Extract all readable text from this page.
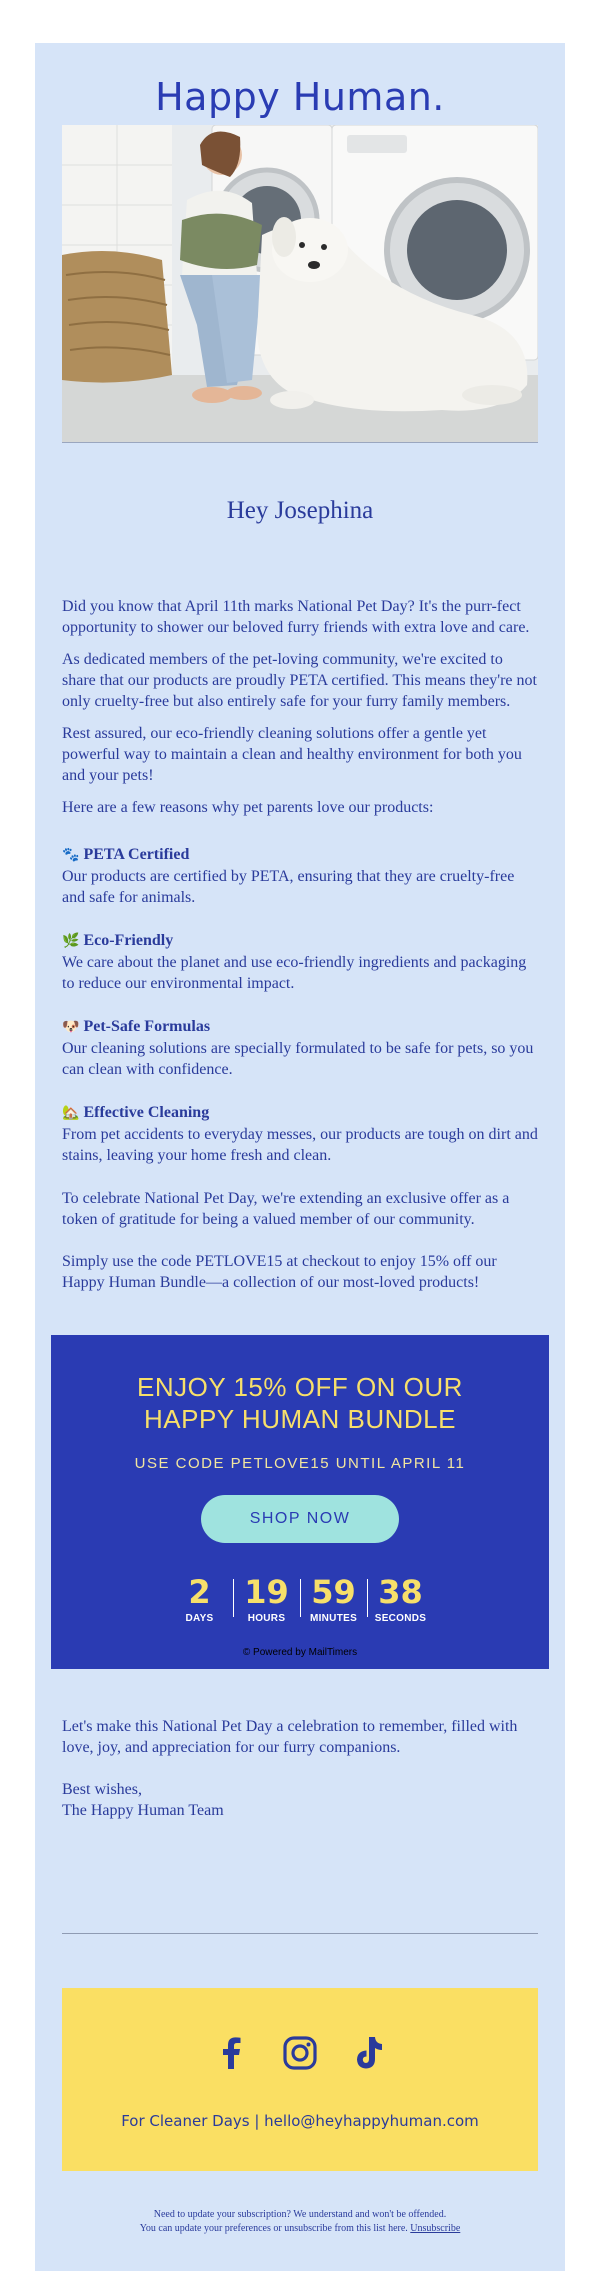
Happy Human.
Hey Josephina

Did you know that April 11th marks National Pet Day? It's the purr-fect opportunity to shower our beloved furry friends with extra love and care.

As dedicated members of the pet-loving community, we're excited to share that our products are proudly PETA certified. This means they're not only cruelty-free but also entirely safe for your furry family members.

Rest assured, our eco-friendly cleaning solutions offer a gentle yet powerful way to maintain a clean and healthy environment for both you and your pets!

Here are a few reasons why pet parents love our products:

🐾 PETA Certified
Our products are certified by PETA, ensuring that they are cruelty-free and safe for animals.
🌿 Eco-Friendly
We care about the planet and use eco-friendly ingredients and packaging to reduce our environmental impact.
🐶 Pet-Safe Formulas
Our cleaning solutions are specially formulated to be safe for pets, so you can clean with confidence.
🏡 Effective Cleaning
From pet accidents to everyday messes, our products are tough on dirt and stains, leaving your home fresh and clean.

To celebrate National Pet Day, we're extending an exclusive offer as a token of gratitude for being a valued member of our community.

Simply use the code PETLOVE15 at checkout to enjoy 15% off our Happy Human Bundle—a collection of our most-loved products!

ENJOY 15% OFF ON OUR
HAPPY HUMAN BUNDLE
USE CODE PETLOVE15 UNTIL APRIL 11
SHOP NOW
2
DAYS
19
HOURS
59
MINUTES
38
SECONDS
© Powered by MailTimers

Let's make this National Pet Day a celebration to remember, filled with love, joy, and appreciation for our furry companions.

Best wishes,
The Happy Human Team
For Cleaner Days | hello@heyhappyhuman.com
Need to update your subscription? We understand and won't be offended.
You can update your preferences or unsubscribe from this list here. Unsubscribe
